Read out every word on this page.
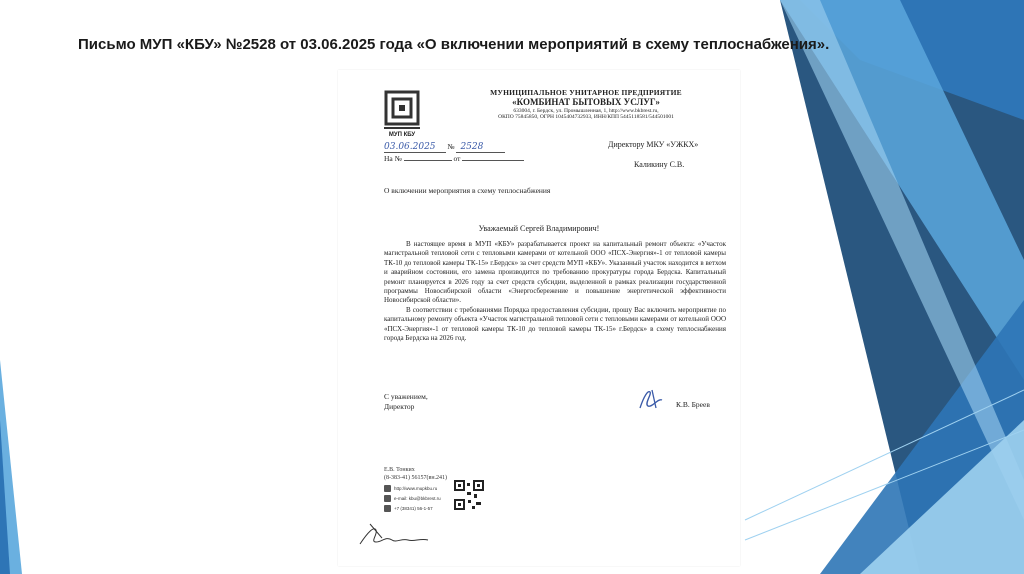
Письмо МУП «КБУ» №2528 от 03.06.2025 года «О включении мероприятий в схему теплоснабжения».
МУП КБУ
МУНИЦИПАЛЬНОЕ УНИТАРНОЕ ПРЕДПРИЯТИЕ
«КОМБИНАТ БЫТОВЫХ УСЛУГ»
633004, г. Бердск, ул. Промышленная, 1, http://www.bkbrest.ru,
ОКПО 75845850, ОГРН 1045404732933, ИНН/КПП 5445118581/544501001
03.06.2025 № 2528
На №	от
Директору МКУ «УЖКХ»
Каликину С.В.
О включении мероприятия в схему теплоснабжения
Уважаемый Сергей Владимирович!

В настоящее время в МУП «КБУ» разрабатывается проект на капитальный ремонт объекта: «Участок магистральной тепловой сети с тепловыми камерами от котельной ООО «ПСХ-Энергия»-1 от тепловой камеры ТК-10 до тепловой камеры ТК-15» г.Бердск» за счет средств МУП «КБУ». Указанный участок находится в ветхом и аварийном состоянии, его замена производится по требованию прокуратуры города Бердска. Капитальный ремонт планируется в 2026 году за счет средств субсидии, выделенной в рамках реализации государственной программы Новосибирской области «Энергосбережение и повышение энергетической эффективности Новосибирской области».

В соответствии с требованиями Порядка предоставления субсидии, прошу Вас включить мероприятие по капитальному ремонту объекта «Участок магистральной тепловой сети с тепловыми камерами от котельной ООО «ПСХ-Энергия»-1 от тепловой камеры ТК-10 до тепловой камеры ТК-15» г.Бердск» в схему теплоснабжения города Бердска на 2026 год.

С уважением,
Директор	К.В. Бреев
Е.В. Тонких
(8-383-41) 56157(вн.241)
http://www.mupkbu.ru
e-mail: kbu@bkbrest.ru
+7 (38341) 56-1-57
